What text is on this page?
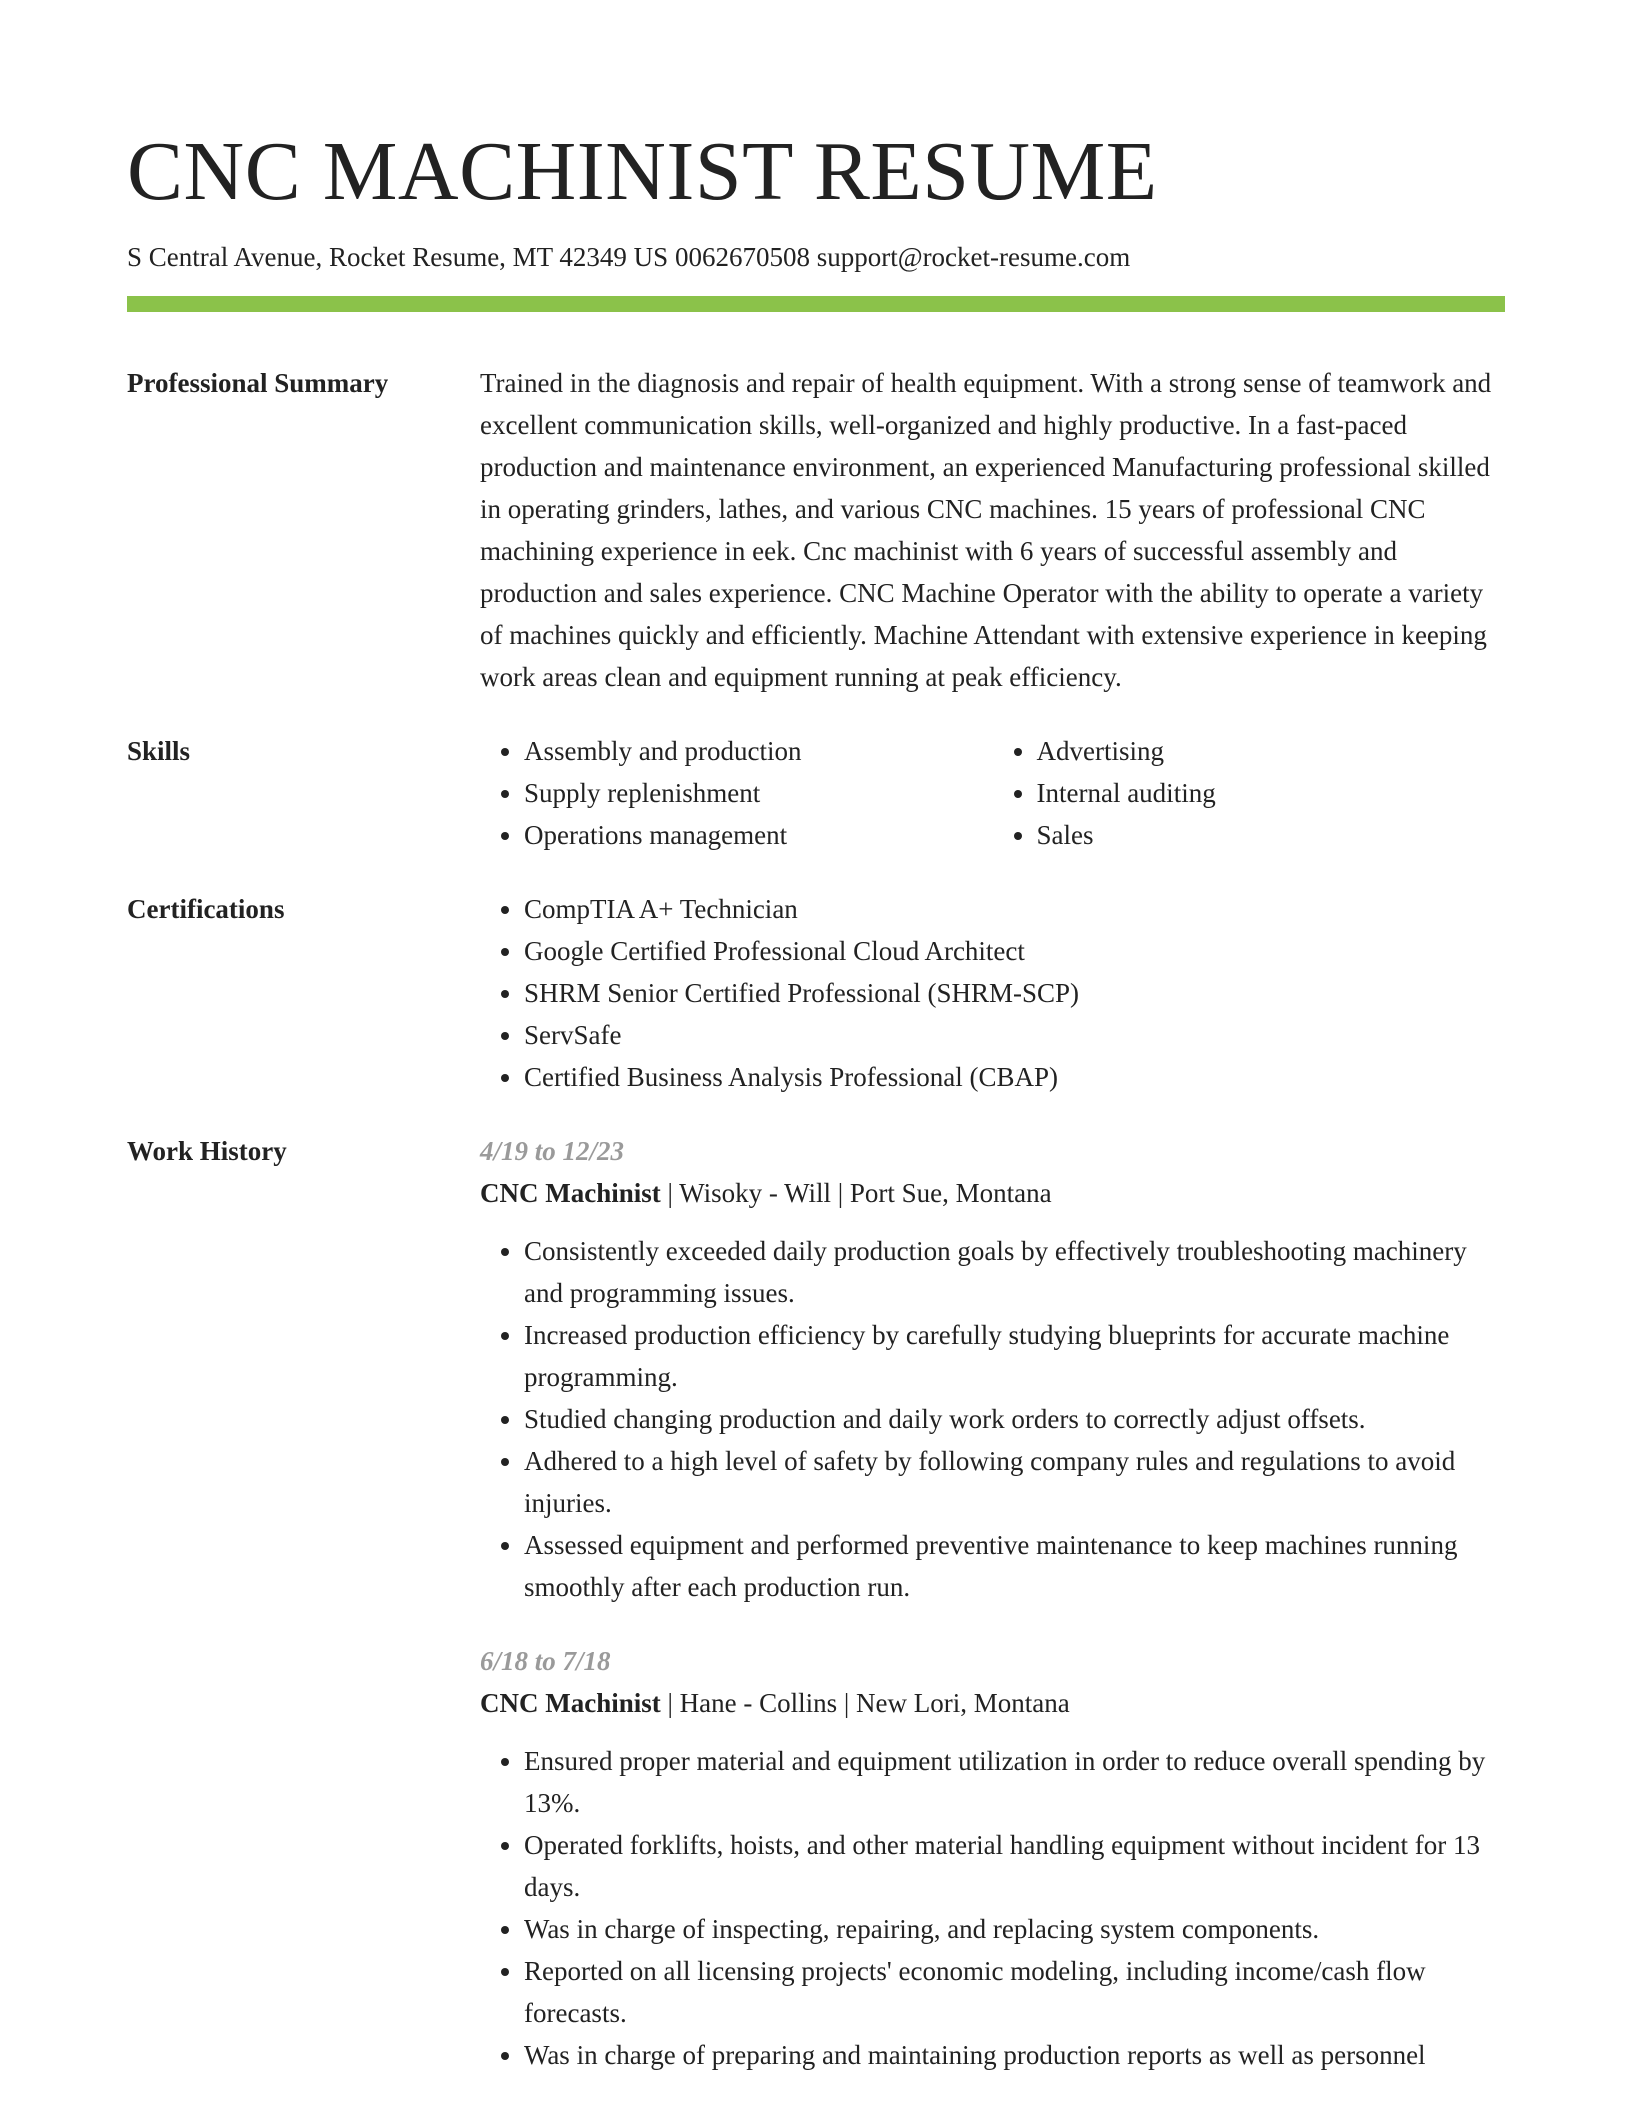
CNC MACHINIST RESUME
S Central Avenue, Rocket Resume, MT 42349 US 0062670508 support@rocket-resume.com
Professional Summary	Trained in the diagnosis and repair of health equipment. With a strong sense of teamwork and excellent communication skills, well-organized and highly productive. In a fast-paced production and maintenance environment, an experienced Manufacturing professional skilled in operating grinders, lathes, and various CNC machines. 15 years of professional CNC machining experience in eek. Cnc machinist with 6 years of successful assembly and production and sales experience. CNC Machine Operator with the ability to operate a variety of machines quickly and efficiently. Machine Attendant with extensive experience in keeping work areas clean and equipment running at peak efficiency.
Skills	• Assembly and production
• Supply replenishment
• Operations management
• Advertising
• Internal auditing
• Sales
Certifications	• CompTIA A+ Technician
• Google Certified Professional Cloud Architect
• SHRM Senior Certified Professional (SHRM-SCP)
• ServSafe
• Certified Business Analysis Professional (CBAP)
Work History	4/19 to 12/23
CNC Machinist | Wisoky - Will | Port Sue, Montana
• Consistently exceeded daily production goals by effectively troubleshooting machinery and programming issues.
• Increased production efficiency by carefully studying blueprints for accurate machine programming.
• Studied changing production and daily work orders to correctly adjust offsets.
• Adhered to a high level of safety by following company rules and regulations to avoid injuries.
• Assessed equipment and performed preventive maintenance to keep machines running smoothly after each production run.
6/18 to 7/18
CNC Machinist | Hane - Collins | New Lori, Montana
• Ensured proper material and equipment utilization in order to reduce overall spending by 13%.
• Operated forklifts, hoists, and other material handling equipment without incident for 13 days.
• Was in charge of inspecting, repairing, and replacing system components.
• Reported on all licensing projects' economic modeling, including income/cash flow forecasts.
• Was in charge of preparing and maintaining production reports as well as personnel
